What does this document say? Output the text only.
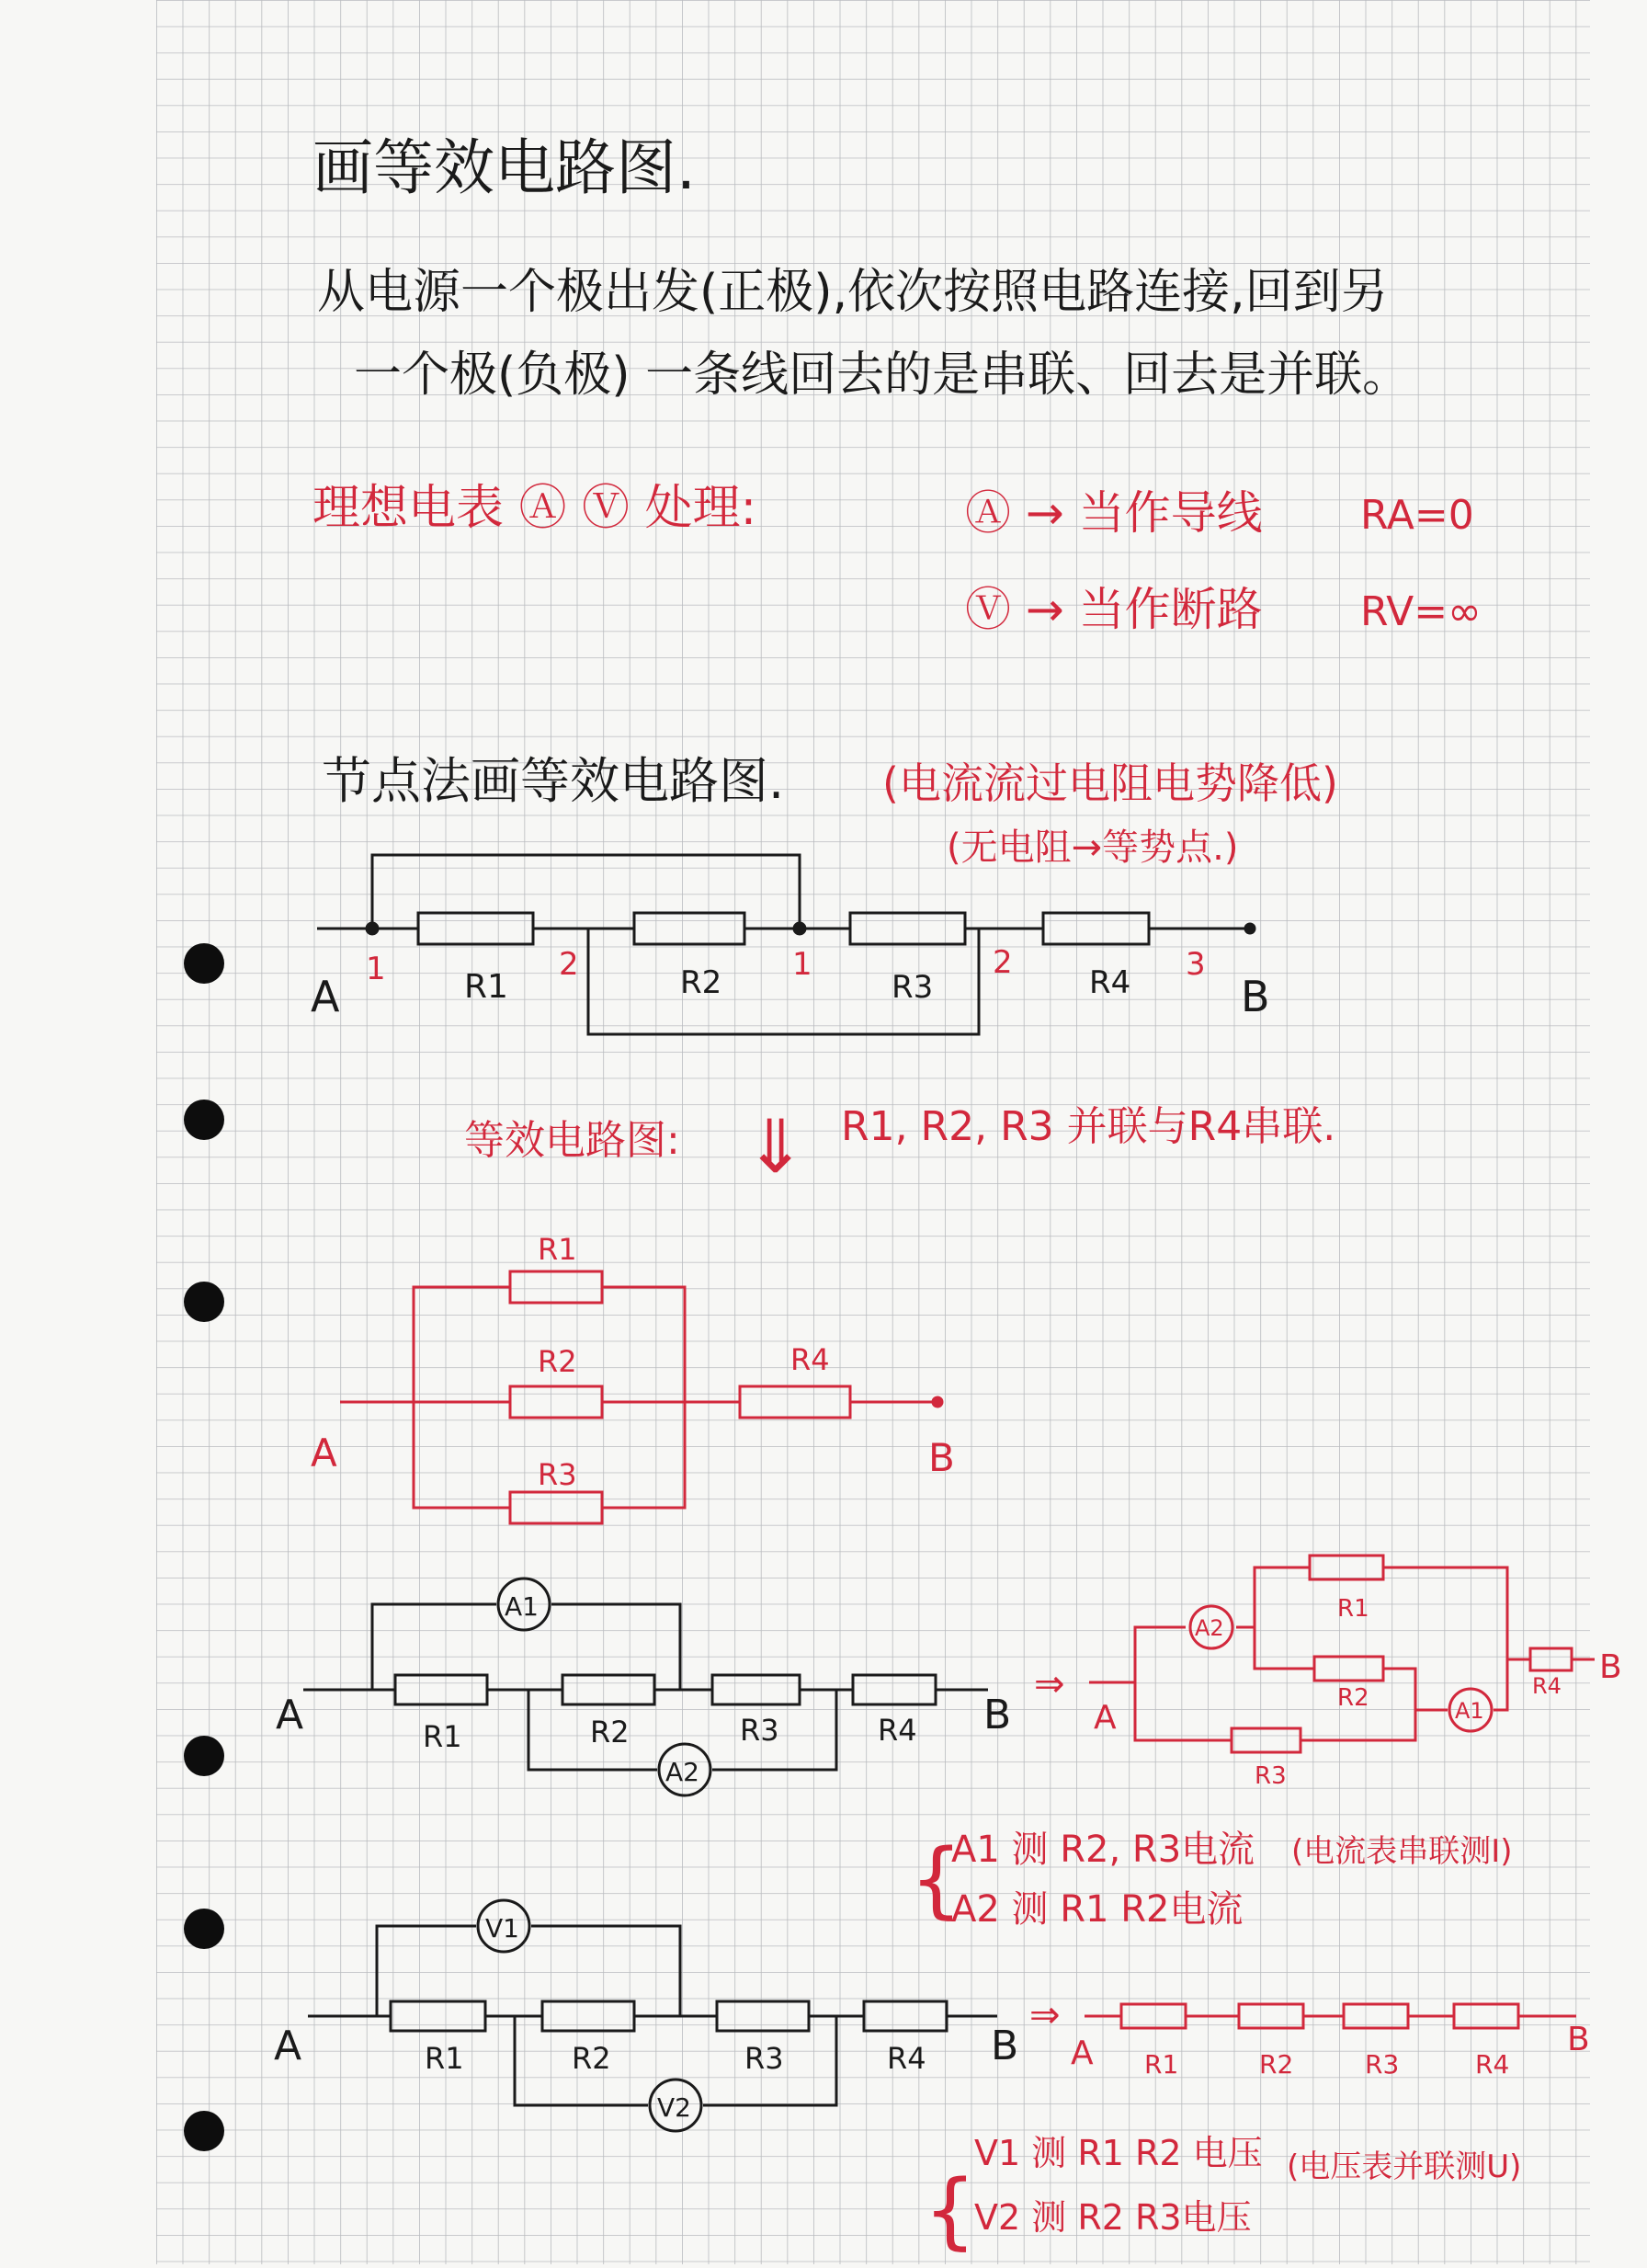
画等效电路图.
从电源一个极出发(正极),依次按照电路连接,回到另
一个极(负极) 一条线回去的是串联、回去是并联。
理想电表 Ⓐ Ⓥ 处理:	Ⓐ → 当作导线 RA=0
Ⓥ → 当作断路 RV=∞
节点法画等效电路图. (电流流过电阻电势降低)
(无电阻→等势点.)
A	B
R1	R2	R3	R4
1	2	1	2	3
等效电路图: ⇓ R1, R2, R3 并联与R4串联.
A	B
R1
R2
R3
R4
A1
A2
A	B
R1	R2	R3	R4
⇒
A2
A1
A
B
R1
R2
R3
R4
{
A1 测 R2, R3电流
A2 测 R1 R2电流
(电流表串联测I)
V1
V2
A	B
R1	R2	R3	R4
⇒
A	B
R1	R2	R3	R4
{
V1 测 R1 R2 电压
V2 测 R2 R3电压
(电压表并联测U)
